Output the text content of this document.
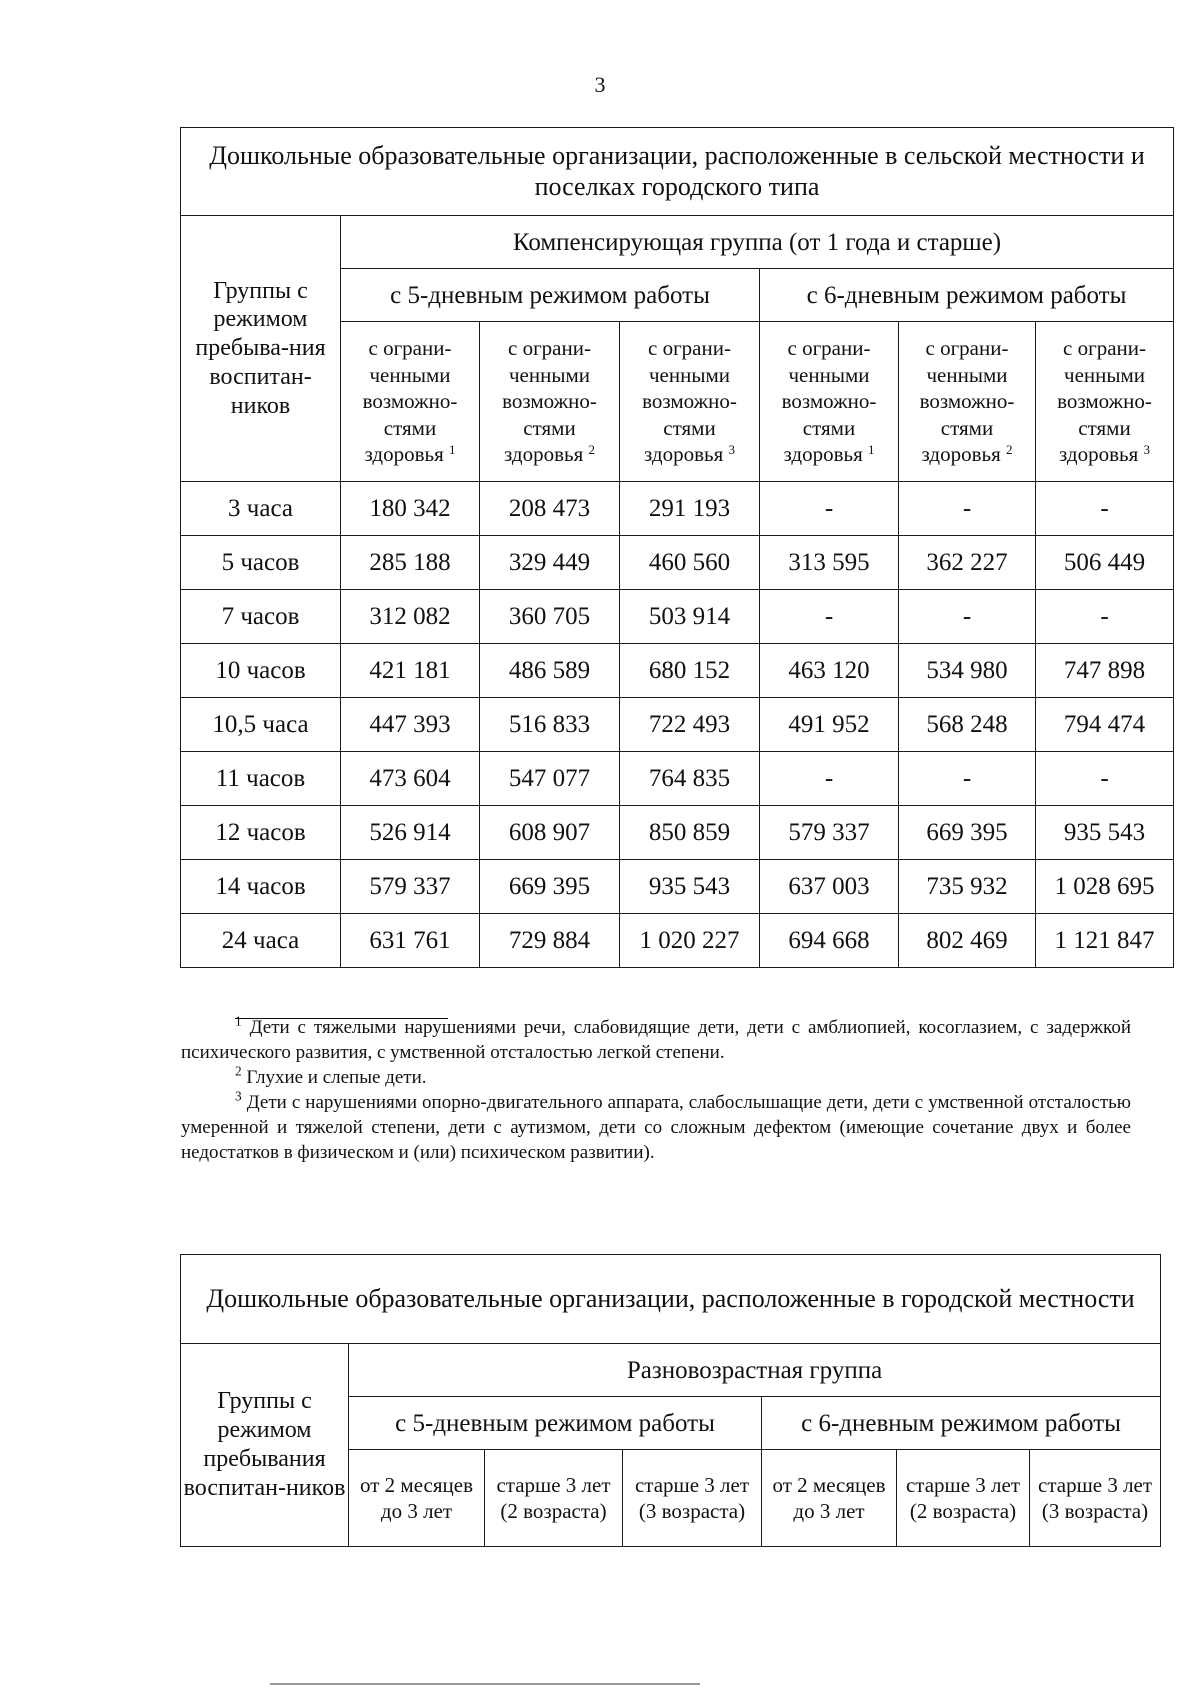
3
Дошкольные образовательные организации, расположенные в сельской местности и поселках городского типа						
Группы с режимом пребыва-ния воспитан-ников	Компенсирующая группа (от 1 года и старше)					
	с 5-дневным режимом работы			с 6-дневным режимом работы		
	с ограни-ченными возможно-стями здоровья $^1$	с ограни-ченными возможно-стями здоровья $^2$	с ограни-ченными возможно-стями здоровья $^3$	с ограни-ченными возможно-стями здоровья $^1$	с ограни-ченными возможно-стями здоровья $^2$	с ограни-ченными возможно-стями здоровья $^3$
3 часа	180 342	208 473	291 193	-	-	-
5 часов	285 188	329 449	460 560	313 595	362 227	506 449
7 часов	312 082	360 705	503 914	-	-	-
10 часов	421 181	486 589	680 152	463 120	534 980	747 898
10,5 часа	447 393	516 833	722 493	491 952	568 248	794 474
11 часов	473 604	547 077	764 835	-	-	-
12 часов	526 914	608 907	850 859	579 337	669 395	935 543
14 часов	579 337	669 395	935 543	637 003	735 932	1 028 695
24 часа	631 761	729 884	1 020 227	694 668	802 469	1 121 847

$^1$ Дети с тяжелыми нарушениями речи, слабовидящие дети, дети с амблиопией, косоглазием, с задержкой психического развития, с умственной отсталостью легкой степени.

$^2$ Глухие и слепые дети.

$^3$ Дети с нарушениями опорно-двигательного аппарата, слабослышащие дети, дети с умственной отсталостью умеренной и тяжелой степени, дети с аутизмом, дети со сложным дефектом (имеющие сочетание двух и более недостатков в физическом и (или) психическом развитии).

Дошкольные образовательные организации, расположенные в городской местности						
Группы с режимом пребывания воспитан-ников	Разновозрастная группа					
	с 5-дневным режимом работы			с 6-дневным режимом работы		
	от 2 месяцев до 3 лет	старше 3 лет (2 возраста)	старше 3 лет (3 возраста)	от 2 месяцев до 3 лет	старше 3 лет (2 возраста)	старше 3 лет (3 возраста)
